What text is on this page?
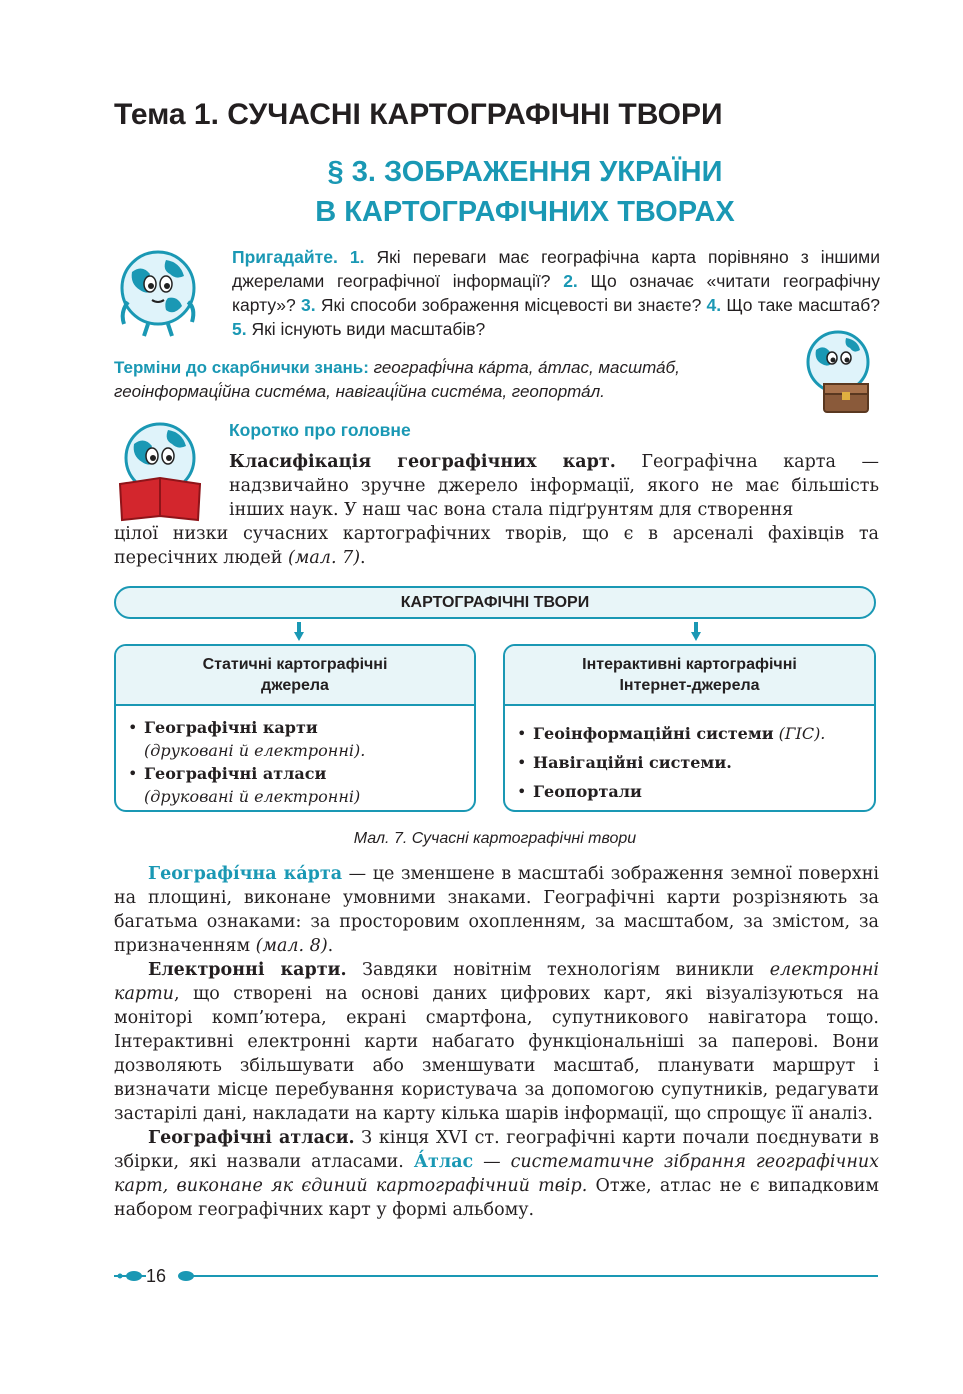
Тема 1. СУЧАСНІ КАРТОГРАФІЧНІ ТВОРИ
§ 3. ЗОБРАЖЕННЯ УКРАЇНИ
В КАРТОГРАФІЧНИХ ТВОРАХ
Пригадайте. 1. Які переваги має географічна карта порівняно з іншими джерелами географічної інформації? 2. Що означає «читати географічну карту»? 3. Які способи зображення місцевості ви знаєте? 4. Що таке масштаб? 5. Які існують види масштабів?
Терміни до скарбнички знань: географі́чна ка́рта, а́тлас, масшта́б, геоінформаці́йна систе́ма, навігаці́йна систе́ма, геопорта́л.
Коротко про головне
Класифікація географічних карт. Географічна карта — надзвичайно зручне джерело інформації, якого не має більшість інших наук. У наш час вона стала підґрунтям для створення
цілої низки сучасних картографічних творів, що є в арсеналі фахівців та пересічних людей (мал. 7).
КАРТОГРАФІЧНІ ТВОРИ
Статичні картографічні
джерела
• Географічні карти
(друковані й електронні).
• Географічні атласи
(друковані й електронні)
Інтерактивні картографічні
Інтернет-джерела
• Геоінформаційні системи (ГІС).
• Навігаційні системи.
• Геопортали
Мал. 7. Сучасні картографічні твори

Географі́чна ка́рта — це зменшене в масштабі зображення земної поверхні на площині, виконане умовними знаками. Географічні карти розрізняють за багатьма ознаками: за просторовим охопленням, за масштабом, за змістом, за призначенням (мал. 8).

Електронні карти. Завдяки новітнім технологіям виникли електронні карти, що створені на основі даних цифрових карт, які візуалізуються на моніторі комп’ютера, екрані смартфона, супутникового навігатора тощо. Інтерактивні електронні карти набагато функціональніші за паперові. Вони дозволяють збільшувати або зменшувати масштаб, планувати маршрут і визначати місце перебування користувача за допомогою супутників, редагувати застарілі дані, накладати на карту кілька шарів інформації, що спрощує її аналіз.

Географічні атласи. З кінця XVI ст. географічні карти почали поєднувати в збірки, які назвали атласами. А́тлас — систематичне зібрання географічних карт, виконане як єдиний картографічний твір. Отже, атлас не є випадковим набором географічних карт у формі альбому.

16
